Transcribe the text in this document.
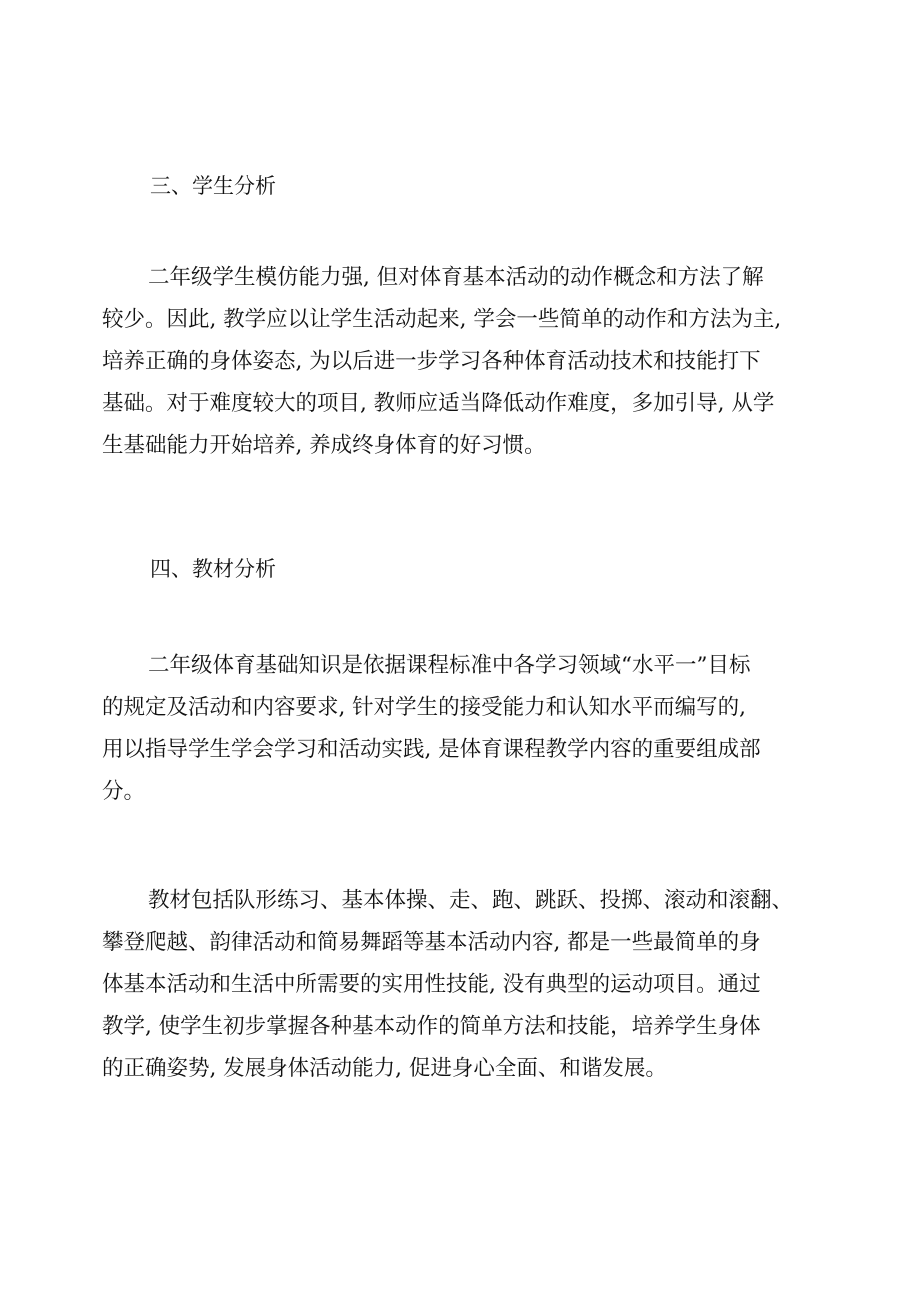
三、学生分析
二年级学生模仿能力强, 但对体育基本活动的动作概念和方法了解
较少。因此, 教学应以让学生活动起来, 学会一些简单的动作和方法为主,
培养正确的身体姿态, 为以后进一步学习各种体育活动技术和技能打下
基础。对于难度较大的项目, 教师应适当降低动作难度，多加引导, 从学
生基础能力开始培养, 养成终身体育的好习惯。
四、教材分析
二年级体育基础知识是依据课程标准中各学习领域“水平一”目标
的规定及活动和内容要求, 针对学生的接受能力和认知水平而编写的,
用以指导学生学会学习和活动实践, 是体育课程教学内容的重要组成部
分。
教材包括队形练习、基本体操、走、跑、跳跃、投掷、滚动和滚翻、
攀登爬越、韵律活动和简易舞蹈等基本活动内容, 都是一些最简单的身
体基本活动和生活中所需要的实用性技能, 没有典型的运动项目。通过
教学, 使学生初步掌握各种基本动作的简单方法和技能，培养学生身体
的正确姿势, 发展身体活动能力, 促进身心全面、和谐发展。
